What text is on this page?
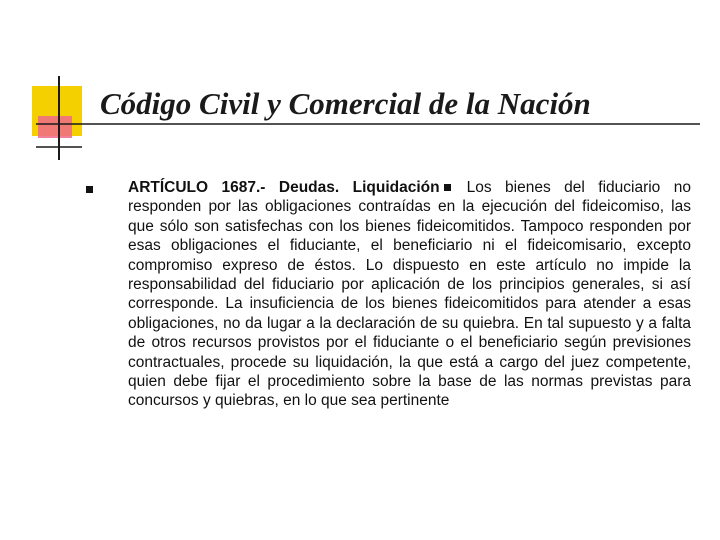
Código Civil y Comercial de la Nación

ARTÍCULO 1687.- Deudas. Liquidación Los bienes del fiduciario no responden por las obligaciones contraídas en la ejecución del fideicomiso, las que sólo son satisfechas con los bienes fideicomitidos. Tampoco responden por esas obligaciones el fiduciante, el beneficiario ni el fideicomisario, excepto compromiso expreso de éstos. Lo dispuesto en este artículo no impide la responsabilidad del fiduciario por aplicación de los principios generales, si así corresponde. La insuficiencia de los bienes fideicomitidos para atender a esas obligaciones, no da lugar a la declaración de su quiebra. En tal supuesto y a falta de otros recursos provistos por el fiduciante o el beneficiario según previsiones contractuales, procede su liquidación, la que está a cargo del juez competente, quien debe fijar el procedimiento sobre la base de las normas previstas para concursos y quiebras, en lo que sea pertinente
